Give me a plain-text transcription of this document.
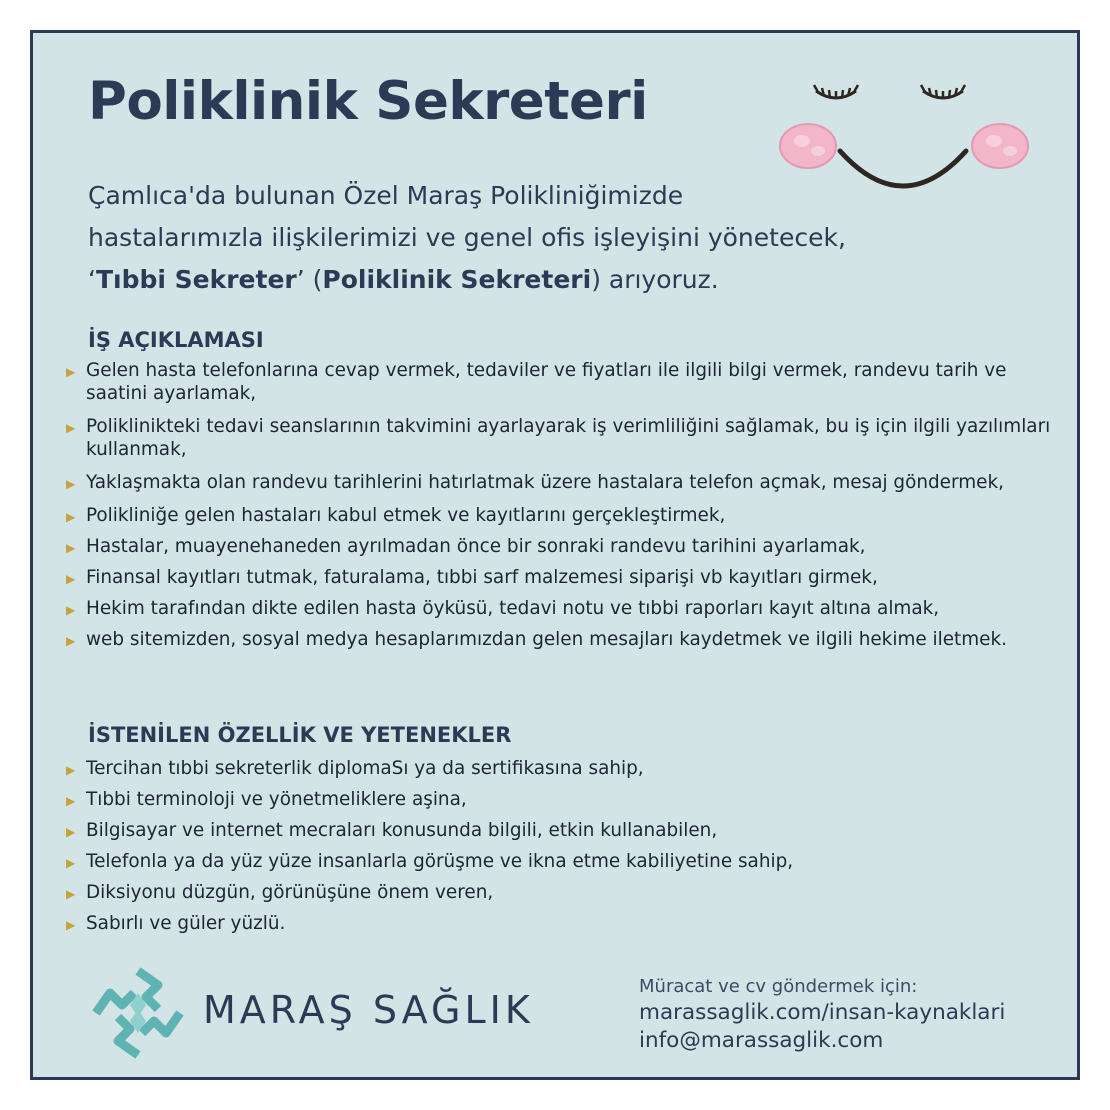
Poliklinik Sekreteri
Çamlıca'da bulunan Özel Maraş Polikliniğimizde
hastalarımızla ilişkilerimizi ve genel ofis işleyişini yönetecek,
‘Tıbbi Sekreter’ (Poliklinik Sekreteri) arıyoruz.
İŞ AÇIKLAMASI
▶ Gelen hasta telefonlarına cevap vermek, tedaviler ve fiyatları ile ilgili bilgi vermek, randevu tarih ve saatini ayarlamak,
▶ Poliklinikteki tedavi seanslarının takvimini ayarlayarak iş verimliliğini sağlamak, bu iş için ilgili yazılımları kullanmak,
▶ Yaklaşmakta olan randevu tarihlerini hatırlatmak üzere hastalara telefon açmak, mesaj göndermek,
▶ Polikliniğe gelen hastaları kabul etmek ve kayıtlarını gerçekleştirmek,
▶ Hastalar, muayenehaneden ayrılmadan önce bir sonraki randevu tarihini ayarlamak,
▶ Finansal kayıtları tutmak, faturalama, tıbbi sarf malzemesi siparişi vb kayıtları girmek,
▶ Hekim tarafından dikte edilen hasta öyküsü, tedavi notu ve tıbbi raporları kayıt altına almak,
▶ web sitemizden, sosyal medya hesaplarımızdan gelen mesajları kaydetmek ve ilgili hekime iletmek.
İSTENİLEN ÖZELLİK VE YETENEKLER
▶ Tercihan tıbbi sekreterlik diplomaSı ya da sertifikasına sahip,
▶ Tıbbi terminoloji ve yönetmeliklere aşina,
▶ Bilgisayar ve internet mecraları konusunda bilgili, etkin kullanabilen,
▶ Telefonla ya da yüz yüze insanlarla görüşme ve ikna etme kabiliyetine sahip,
▶ Diksiyonu düzgün, görünüşüne önem veren,
▶ Sabırlı ve güler yüzlü.
MARAŞ SAĞLIK
Müracat ve cv göndermek için:
marassaglik.com/insan-kaynaklari
info@marassaglik.com
